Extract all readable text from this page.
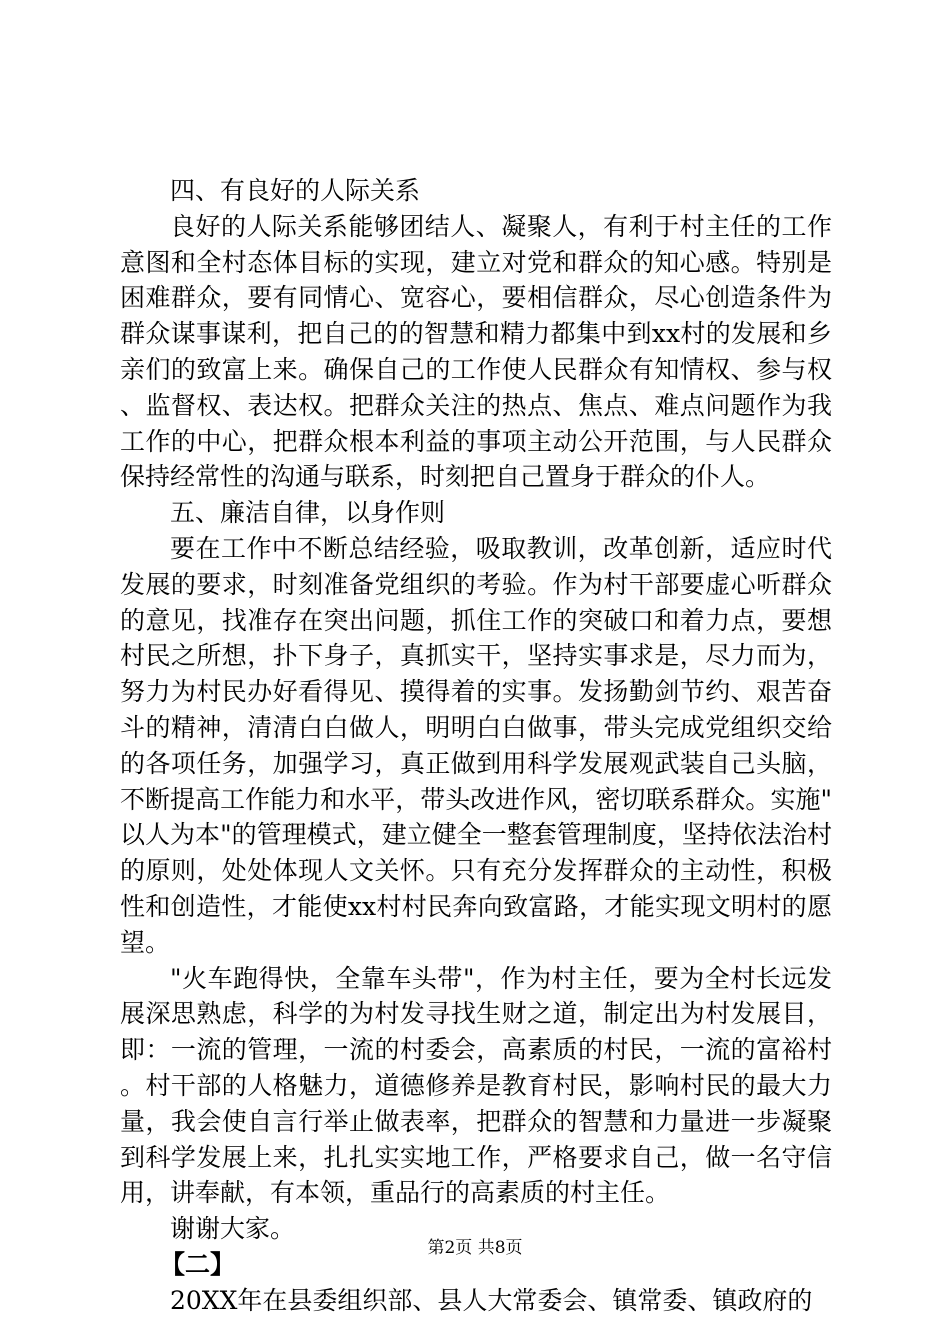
四、有良好的人际关系

良好的人际关系能够团结人、凝聚人，有利于村主任的工作意图和全村态体目标的实现，建立对党和群众的知心感。特别是困难群众，要有同情心、宽容心，要相信群众，尽心创造条件为群众谋事谋利，把自己的的智慧和精力都集中到xx村的发展和乡亲们的致富上来。确保自己的工作使人民群众有知情权、参与权、监督权、表达权。把群众关注的热点、焦点、难点问题作为我工作的中心，把群众根本利益的事项主动公开范围，与人民群众保持经常性的沟通与联系，时刻把自己置身于群众的仆人。

五、廉洁自律，以身作则

要在工作中不断总结经验，吸取教训，改革创新，适应时代发展的要求，时刻准备党组织的考验。作为村干部要虚心听群众的意见，找准存在突出问题，抓住工作的突破口和着力点，要想村民之所想，扑下身子，真抓实干，坚持实事求是，尽力而为，努力为村民办好看得见、摸得着的实事。发扬勤剑节约、艰苦奋斗的精神，清清白白做人，明明白白做事，带头完成党组织交给的各项任务，加强学习，真正做到用科学发展观武装自己头脑，不断提高工作能力和水平，带头改进作风，密切联系群众。实施"以人为本"的管理模式，建立健全一整套管理制度，坚持依法治村的原则，处处体现人文关怀。只有充分发挥群众的主动性，积极性和创造性，才能使xx村村民奔向致富路，才能实现文明村的愿望。

"火车跑得快，全靠车头带"，作为村主任，要为全村长远发展深思熟虑，科学的为村发寻找生财之道，制定出为村发展目，即：一流的管理，一流的村委会，高素质的村民，一流的富裕村。村干部的人格魅力，道德修养是教育村民，影响村民的最大力量，我会使自言行举止做表率，把群众的智慧和力量进一步凝聚到科学发展上来，扎扎实实地工作，严格要求自己，做一名守信用，讲奉献，有本领，重品行的高素质的村主任。

谢谢大家。

【二】

20XX年在县委组织部、县人大常委会、镇常委、镇政府的

第2页 共8页
